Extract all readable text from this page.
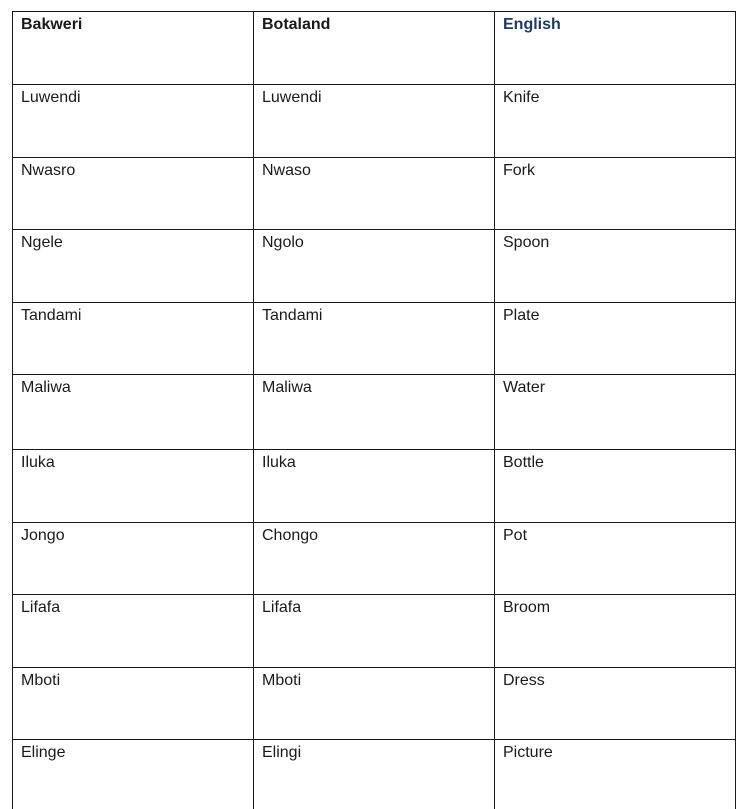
Bakweri	Botaland	English
Luwendi	Luwendi	Knife
Nwasro	Nwaso	Fork
Ngele	Ngolo	Spoon
Tandami	Tandami	Plate
Maliwa	Maliwa	Water
Iluka	Iluka	Bottle
Jongo	Chongo	Pot
Lifafa	Lifafa	Broom
Mboti	Mboti	Dress
Elinge	Elingi	Picture
